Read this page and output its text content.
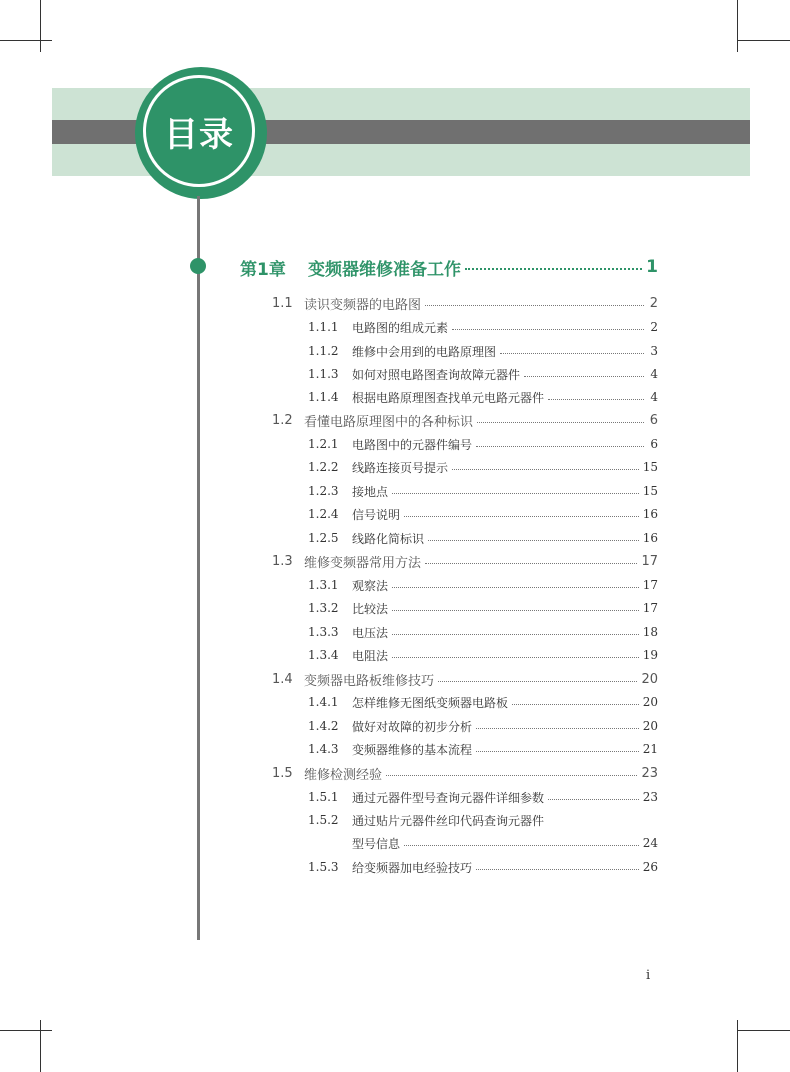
目录
第1章	变频器维修准备工作	1
1.1 读识变频器的电路图	2
1.1.1	电路图的组成元素	2
1.1.2	维修中会用到的电路原理图	3
1.1.3	如何对照电路图查询故障元器件	4
1.1.4	根据电路原理图查找单元电路元器件	4
1.2 看懂电路原理图中的各种标识	6
1.2.1	电路图中的元器件编号	6
1.2.2	线路连接页号提示	15
1.2.3	接地点	15
1.2.4	信号说明	16
1.2.5	线路化简标识	16
1.3 维修变频器常用方法	17
1.3.1	观察法	17
1.3.2	比较法	17
1.3.3	电压法	18
1.3.4	电阻法	19
1.4 变频器电路板维修技巧	20
1.4.1	怎样维修无图纸变频器电路板	20
1.4.2	做好对故障的初步分析	20
1.4.3	变频器维修的基本流程	21
1.5 维修检测经验	23
1.5.1	通过元器件型号查询元器件详细参数	23
1.5.2	通过贴片元器件丝印代码查询元器件
型号信息	24
1.5.3	给变频器加电经验技巧	26
i
